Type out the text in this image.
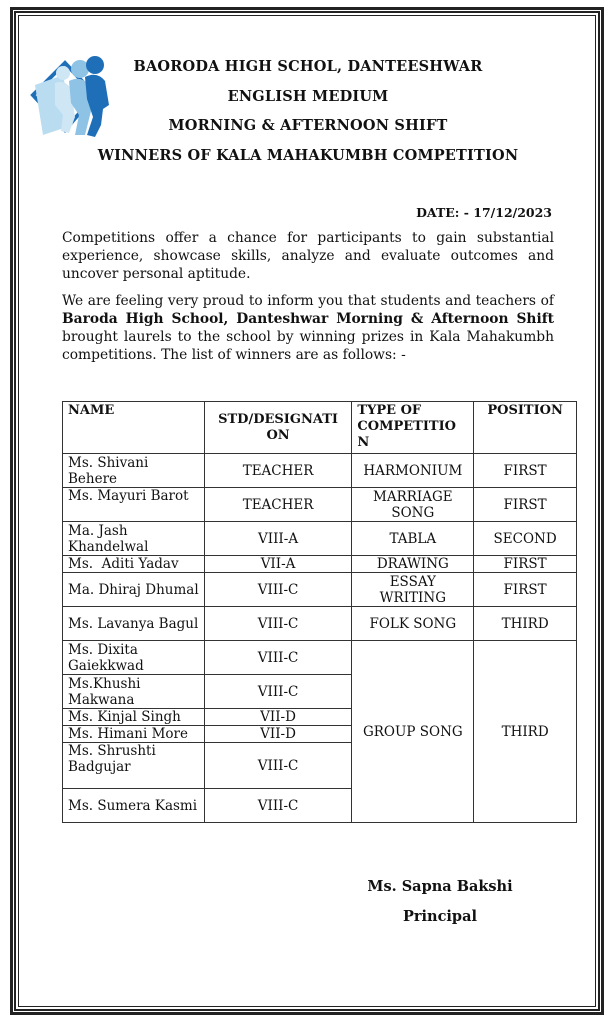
BAORODA HIGH SCHOL, DANTEESHWAR
ENGLISH MEDIUM
MORNING & AFTERNOON SHIFT
WINNERS OF KALA MAHAKUMBH COMPETITION
DATE: - 17/12/2023
Competitions offer a chance for participants to gain substantial experience, showcase skills, analyze and evaluate outcomes and uncover personal aptitude.
We are feeling very proud to inform you that students and teachers of Baroda High School, Danteshwar Morning & Afternoon Shift brought laurels to the school by winning prizes in Kala Mahakumbh competitions. The list of winners are as follows: -
NAME	STD/DESIGNATI ON	TYPE OF COMPETITIO N	POSITION
Ms. Shivani Behere	TEACHER	HARMONIUM	FIRST
Ms. Mayuri Barot	TEACHER	MARRIAGE SONG	FIRST
Ma. Jash Khandelwal	VIII-A	TABLA	SECOND
Ms.  Aditi Yadav	VII-A	DRAWING	FIRST
Ma. Dhiraj Dhumal	VIII-C	ESSAY WRITING	FIRST
Ms. Lavanya Bagul	VIII-C	FOLK SONG	THIRD
Ms. Dixita Gaiekkwad	VIII-C	GROUP SONG	THIRD
Ms.Khushi Makwana	VIII-C		
Ms. Kinjal Singh	VII-D		
Ms. Himani More	VII-D		
Ms. Shrushti Badgujar	VIII-C		
Ms. Sumera Kasmi	VIII-C		
Ms. Sapna Bakshi
Principal
